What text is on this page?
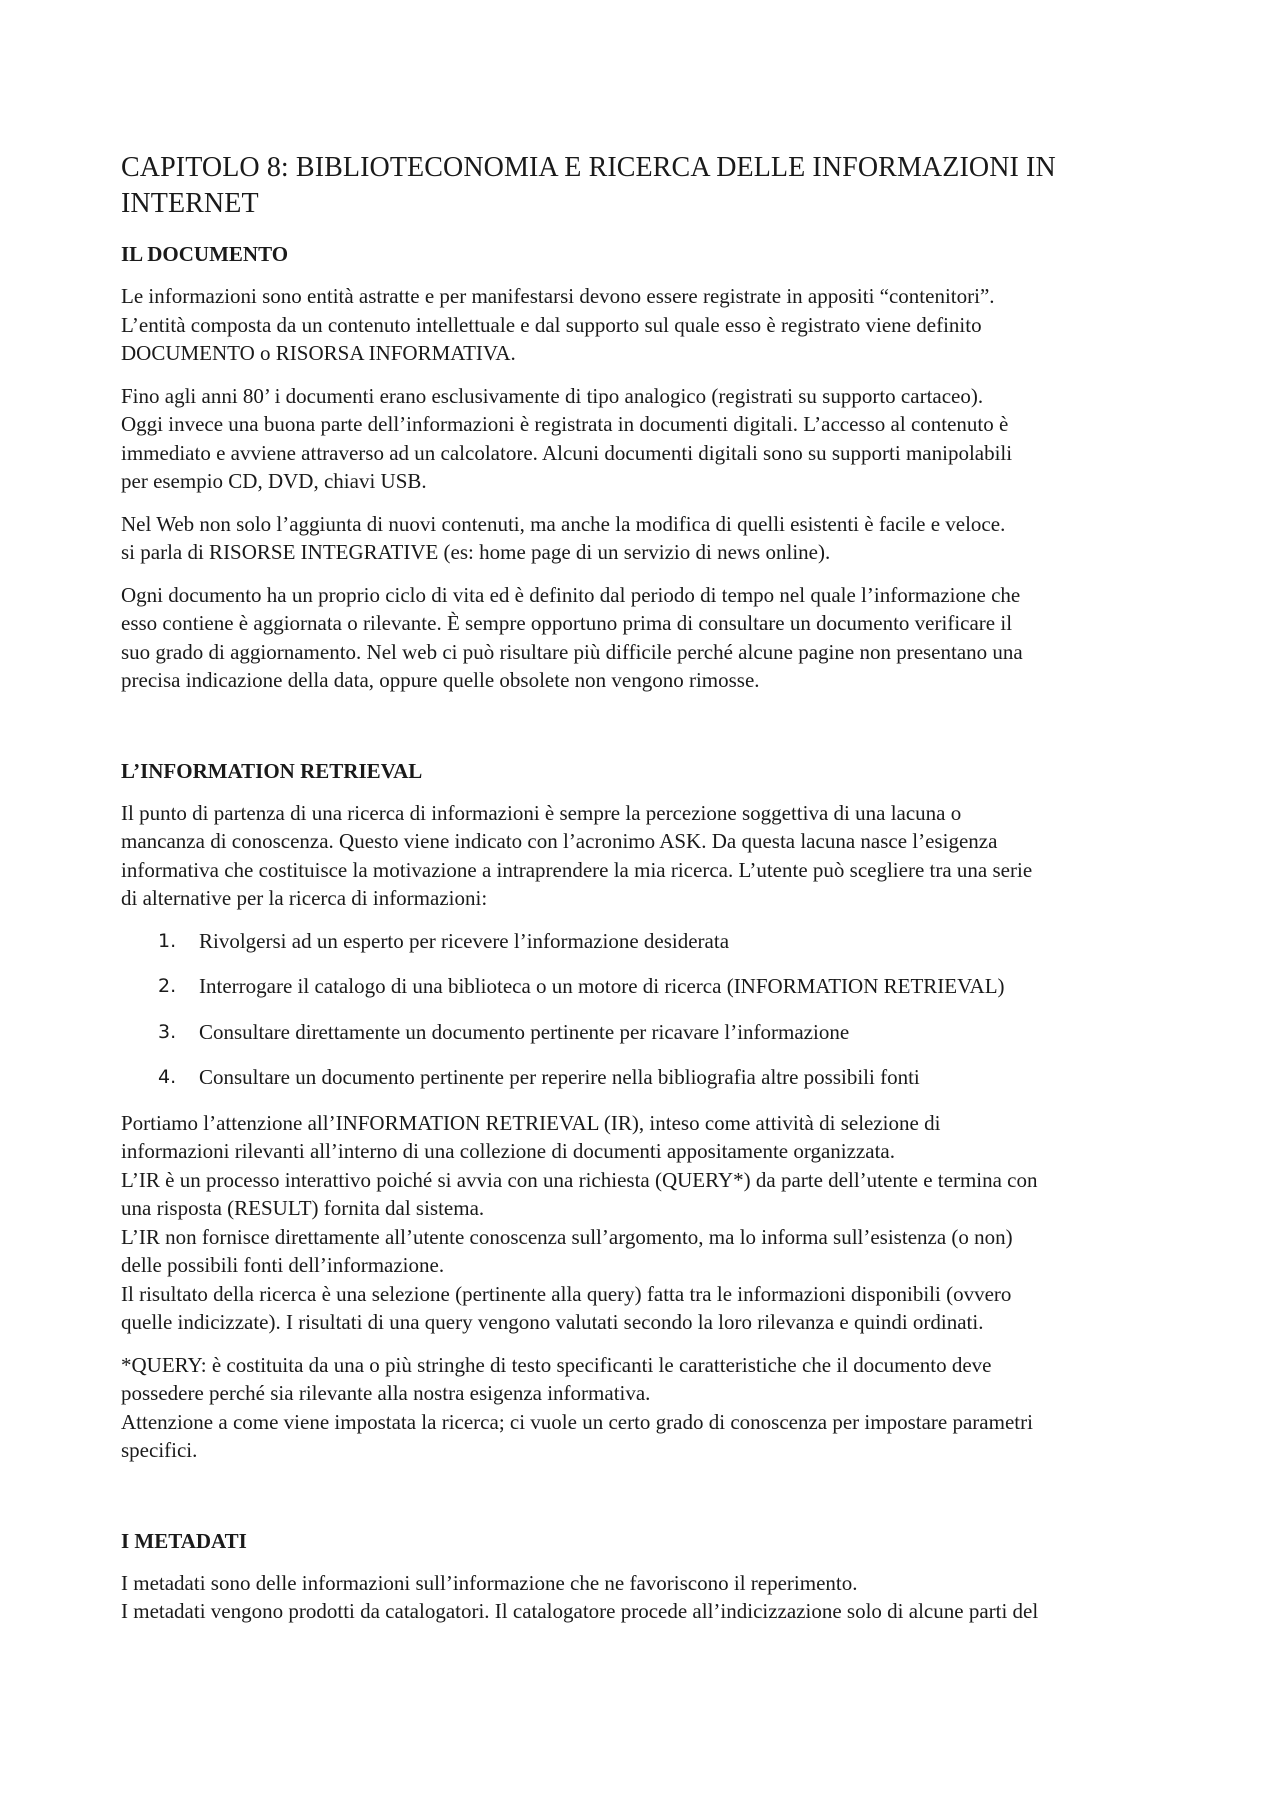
CAPITOLO 8: BIBLIOTECONOMIA E RICERCA DELLE INFORMAZIONI IN INTERNET
IL DOCUMENTO

Le informazioni sono entità astratte e per manifestarsi devono essere registrate in appositi “contenitori”.
L’entità composta da un contenuto intellettuale e dal supporto sul quale esso è registrato viene definito
DOCUMENTO o RISORSA INFORMATIVA.

Fino agli anni 80’ i documenti erano esclusivamente di tipo analogico (registrati su supporto cartaceo).
Oggi invece una buona parte dell’informazioni è registrata in documenti digitali. L’accesso al contenuto è
immediato e avviene attraverso ad un calcolatore. Alcuni documenti digitali sono su supporti manipolabili
per esempio CD, DVD, chiavi USB.

Nel Web non solo l’aggiunta di nuovi contenuti, ma anche la modifica di quelli esistenti è facile e veloce.
si parla di RISORSE INTEGRATIVE (es: home page di un servizio di news online).

Ogni documento ha un proprio ciclo di vita ed è definito dal periodo di tempo nel quale l’informazione che
esso contiene è aggiornata o rilevante. È sempre opportuno prima di consultare un documento verificare il
suo grado di aggiornamento. Nel web ci può risultare più difficile perché alcune pagine non presentano una
precisa indicazione della data, oppure quelle obsolete non vengono rimosse.

L’INFORMATION RETRIEVAL

Il punto di partenza di una ricerca di informazioni è sempre la percezione soggettiva di una lacuna o
mancanza di conoscenza. Questo viene indicato con l’acronimo ASK. Da questa lacuna nasce l’esigenza
informativa che costituisce la motivazione a intraprendere la mia ricerca. L’utente può scegliere tra una serie
di alternative per la ricerca di informazioni:

1. Rivolgersi ad un esperto per ricevere l’informazione desiderata
2. Interrogare il catalogo di una biblioteca o un motore di ricerca (INFORMATION RETRIEVAL)
3. Consultare direttamente un documento pertinente per ricavare l’informazione
4. Consultare un documento pertinente per reperire nella bibliografia altre possibili fonti

Portiamo l’attenzione all’INFORMATION RETRIEVAL (IR), inteso come attività di selezione di
informazioni rilevanti all’interno di una collezione di documenti appositamente organizzata.
L’IR è un processo interattivo poiché si avvia con una richiesta (QUERY*) da parte dell’utente e termina con
una risposta (RESULT) fornita dal sistema.
L’IR non fornisce direttamente all’utente conoscenza sull’argomento, ma lo informa sull’esistenza (o non)
delle possibili fonti dell’informazione.
Il risultato della ricerca è una selezione (pertinente alla query) fatta tra le informazioni disponibili (ovvero
quelle indicizzate). I risultati di una query vengono valutati secondo la loro rilevanza e quindi ordinati.

*QUERY: è costituita da una o più stringhe di testo specificanti le caratteristiche che il documento deve
possedere perché sia rilevante alla nostra esigenza informativa.
Attenzione a come viene impostata la ricerca; ci vuole un certo grado di conoscenza per impostare parametri
specifici.

I METADATI

I metadati sono delle informazioni sull’informazione che ne favoriscono il reperimento.
I metadati vengono prodotti da catalogatori. Il catalogatore procede all’indicizzazione solo di alcune parti del
